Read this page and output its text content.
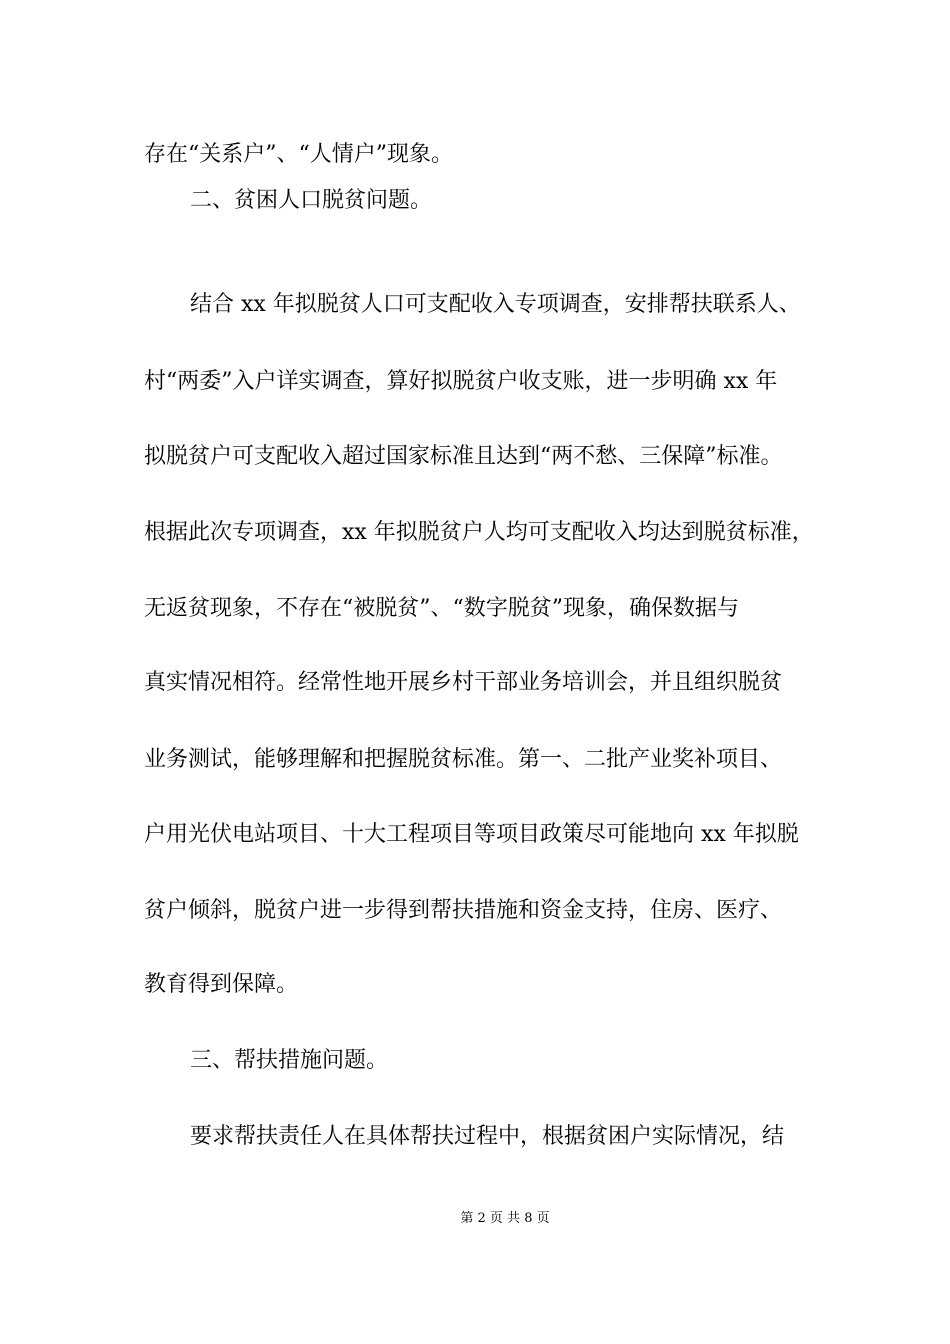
存在“关系户”、“人情户”现象。
二、贫困人口脱贫问题。
结合 xx 年拟脱贫人口可支配收入专项调查，安排帮扶联系人、
村“两委”入户详实调查，算好拟脱贫户收支账，进一步明确 xx 年
拟脱贫户可支配收入超过国家标准且达到“两不愁、三保障”标准。
根据此次专项调查，xx 年拟脱贫户人均可支配收入均达到脱贫标准，
无返贫现象，不存在“被脱贫”、“数字脱贫”现象，确保数据与
真实情况相符。经常性地开展乡村干部业务培训会，并且组织脱贫
业务测试，能够理解和把握脱贫标准。第一、二批产业奖补项目、
户用光伏电站项目、十大工程项目等项目政策尽可能地向 xx 年拟脱
贫户倾斜，脱贫户进一步得到帮扶措施和资金支持，住房、医疗、
教育得到保障。
三、帮扶措施问题。
要求帮扶责任人在具体帮扶过程中，根据贫困户实际情况，结
第 2 页 共 8 页
